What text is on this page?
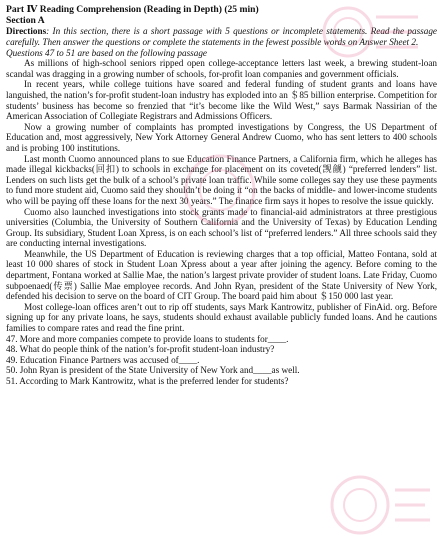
Part Ⅳ Reading Comprehension (Reading in Depth) (25 min)

Section A

Directions: In this section, there is a short passage with 5 questions or incomplete statements. Read the passage carefully. Then answer the questions or complete the statements in the fewest possible words on Answer Sheet 2.

Questions 47 to 51 are based on the following passage

As millions of high-school seniors ripped open college-acceptance letters last week, a brewing student-loan scandal was dragging in a growing number of schools, for-profit loan companies and government officials.

In recent years, while college tuitions have soared and federal funding of student grants and loans have languished, the nation’s for-profit student-loan industry has exploded into an ＄85 billion enterprise. Competition for students’ business has become so frenzied that “it’s become like the Wild West,” says Barmak Nassirian of the American Association of Collegiate Registrars and Admissions Officers.

Now a growing number of complaints has prompted investigations by Congress, the US Department of Education and, most aggressively, New York Attorney General Andrew Cuomo, who has sent letters to 400 schools and is probing 100 institutions.

Last month Cuomo announced plans to sue Education Finance Partners, a California firm, which he alleges has made illegal kickbacks(回扣) to schools in exchange for placement on its coveted(觊觎) “preferred lenders” list. Lenders on such lists get the bulk of a school’s private loan traffic. While some colleges say they use these payments to fund more student aid, Cuomo said they shouldn’t be doing it “on the backs of middle- and lower-income students who will be paying off these loans for the next 30 years.” The finance firm says it hopes to resolve the issue quickly.

Cuomo also launched investigations into stock grants made to financial-aid administrators at three prestigious universities (Columbia, the University of Southern California and the University of Texas) by Education Lending Group. Its subsidiary, Student Loan Xpress, is on each school’s list of “preferred lenders.” All three schools said they are conducting internal investigations.

Meanwhile, the US Department of Education is reviewing charges that a top official, Matteo Fontana, sold at least 10 000 shares of stock in Student Loan Xpress about a year after joining the agency. Before coming to the department, Fontana worked at Sallie Mae, the nation’s largest private provider of student loans. Late Friday, Cuomo subpoenaed(传票) Sallie Mae employee records. And John Ryan, president of the State University of New York, defended his decision to serve on the board of CIT Group. The board paid him about ＄150 000 last year.

Most college-loan offices aren’t out to rip off students, says Mark Kantrowitz, publisher of FinAid. org. Before signing up for any private loans, he says, students should exhaust available publicly funded loans. And he cautions families to compare rates and read the fine print.

47. More and more companies compete to provide loans to students for____.

48. What do people think of the nation’s for-profit student-loan industry?

49. Education Finance Partners was accused of____.

50. John Ryan is president of the State University of New York and____as well.

51. According to Mark Kantrowitz, what is the preferred lender for students?
